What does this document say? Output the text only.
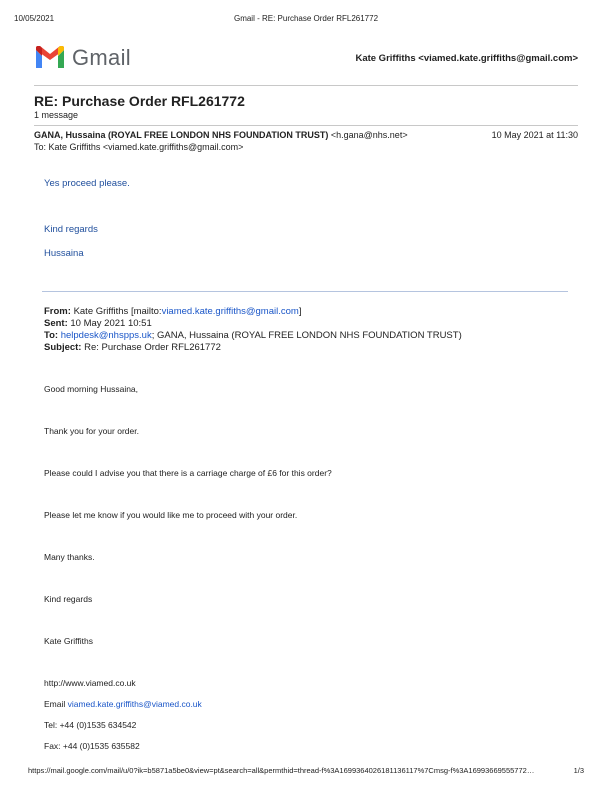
10/05/2021	Gmail - RE: Purchase Order RFL261772
Gmail	Kate Griffiths <viamed.kate.griffiths@gmail.com>
RE: Purchase Order RFL261772
1 message
GANA, Hussaina (ROYAL FREE LONDON NHS FOUNDATION TRUST) <h.gana@nhs.net>	10 May 2021 at 11:30
To: Kate Griffiths <viamed.kate.griffiths@gmail.com>
Yes proceed please.
Kind regards
Hussaina
From: Kate Griffiths [mailto:viamed.kate.griffiths@gmail.com]
Sent: 10 May 2021 10:51
To: helpdesk@nhspps.uk; GANA, Hussaina (ROYAL FREE LONDON NHS FOUNDATION TRUST)
Subject: Re: Purchase Order RFL261772
Good morning Hussaina,
Thank you for your order.
Please could I advise you that there is a carriage charge of £6 for this order?
Please let me know if you would like me to proceed with your order.
Many thanks.
Kind regards
Kate Griffiths
http://www.viamed.co.uk
Email viamed.kate.griffiths@viamed.co.uk
Tel: +44 (0)1535 634542
Fax: +44 (0)1535 635582
https://mail.google.com/mail/u/0?ik=b5871a5be0&view=pt&search=all&permthid=thread-f%3A1699364026181136117%7Cmsg-f%3A16993669555772…	1/3
